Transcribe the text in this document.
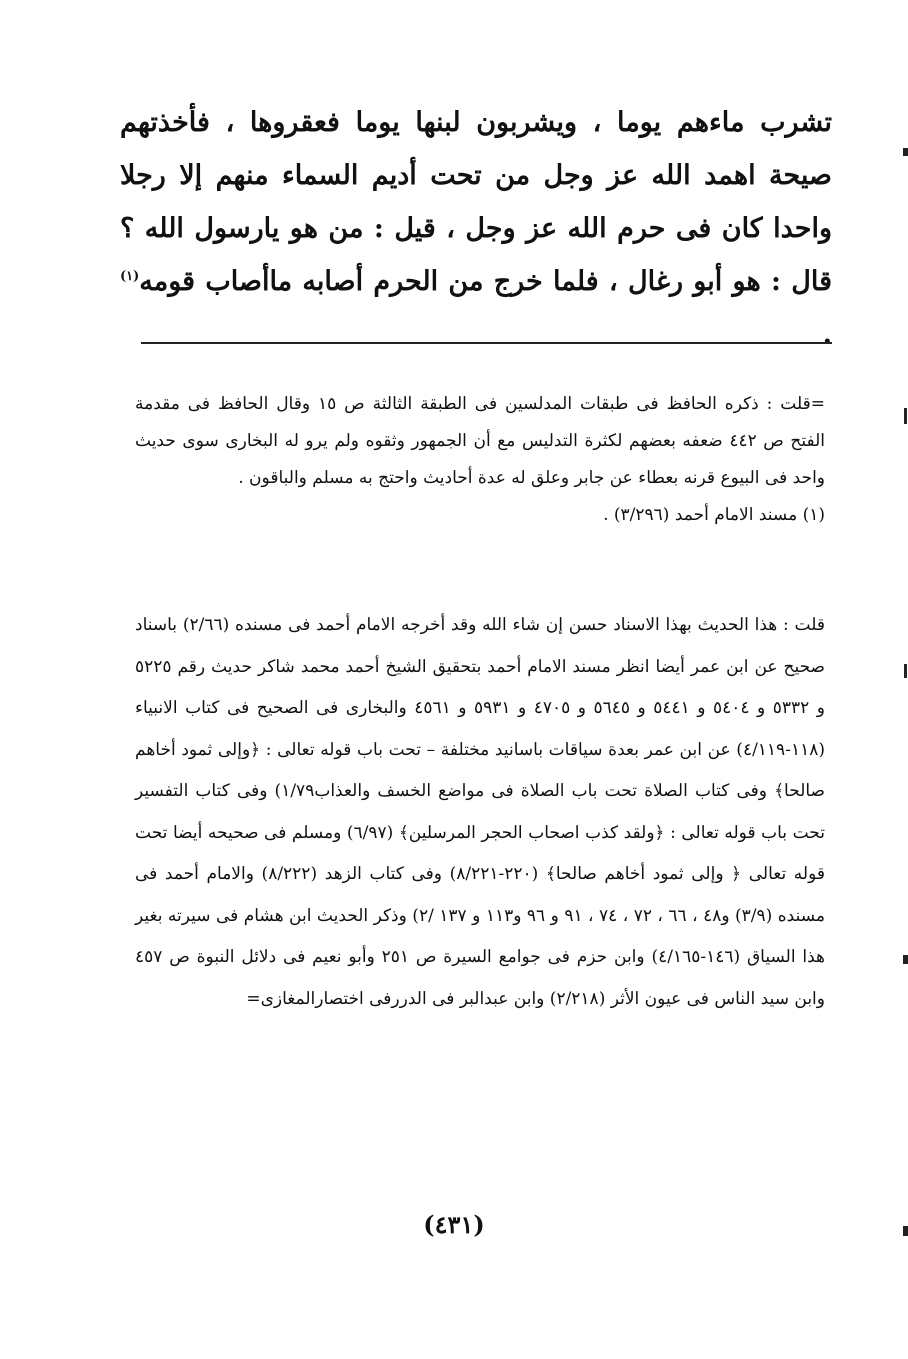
تشرب ماءهم يوما ، ويشربون لبنها يوما فعقروها ، فأخذتهم صيحة اهمد الله عز وجل من تحت أديم السماء منهم إلا رجلا واحدا كان فى حرم الله عز وجل ، قيل : من هو يارسول الله ؟ قال : هو أبو رغال ، فلما خرج من الحرم أصابه ماأصاب قومه$^{(١)}$ .

=قلت : ذكره الحافظ فى طبقات المدلسين فى الطبقة الثالثة ص ١٥ وقال الحافظ فى مقدمة الفتح ص ٤٤٢ ضعفه بعضهم لكثرة التدليس مع أن الجمهور وثقوه ولم يرو له البخارى سوى حديث واحد فى البيوع قرنه بعطاء عن جابر وعلق له عدة أحاديث واحتج به مسلم والباقون .

(١) مسند الامام أحمد (٣/٢٩٦) .

قلت : هذا الحديث بهذا الاسناد حسن إن شاء الله وقد أخرجه الامام أحمد فى مسنده (٢/٦٦) باسناد صحيح عن ابن عمر أيضا انظر مسند الامام أحمد بتحقيق الشيخ أحمد محمد شاكر حديث رقم ٥٢٢٥ و ٥٣٣٢ و ٥٤٠٤ و ٥٤٤١ و ٥٦٤٥ و ٤٧٠٥ و ٥٩٣١ و ٤٥٦١ والبخارى فى الصحيح فى كتاب الانبياء (١١٨-٤/١١٩) عن ابن عمر بعدة سياقات باسانيد مختلفة – تحت باب قوله تعالى : ﴿وإلى ثمود أخاهم صالحا﴾ وفى كتاب الصلاة تحت باب الصلاة فى مواضع الخسف والعذاب١/٧٩) وفى كتاب التفسير تحت باب قوله تعالى : ﴿ولقد كذب اصحاب الحجر المرسلين﴾ (٦/٩٧) ومسلم فى صحيحه أيضا تحت قوله تعالى ﴿ وإلى ثمود أخاهم صالحا﴾ (٢٢٠-٨/٢٢١) وفى كتاب الزهد (٨/٢٢٢) والامام أحمد فى مسنده (٣/٩) و٤٨ ، ٦٦ ، ٧٢ ، ٧٤ ، ٩١ و ٩٦ و١١٣ و ١٣٧ /٢) وذكر الحديث ابن هشام فى سيرته بغير هذا السياق (١٤٦-٤/١٦٥) وابن حزم فى جوامع السيرة ص ٢٥١ وأبو نعيم فى دلائل النبوة ص ٤٥٧ وابن سيد الناس فى عيون الأثر (٢/٢١٨) وابن عبدالبر فى الدررفى اختصارالمغازى=

(٤٣١)
